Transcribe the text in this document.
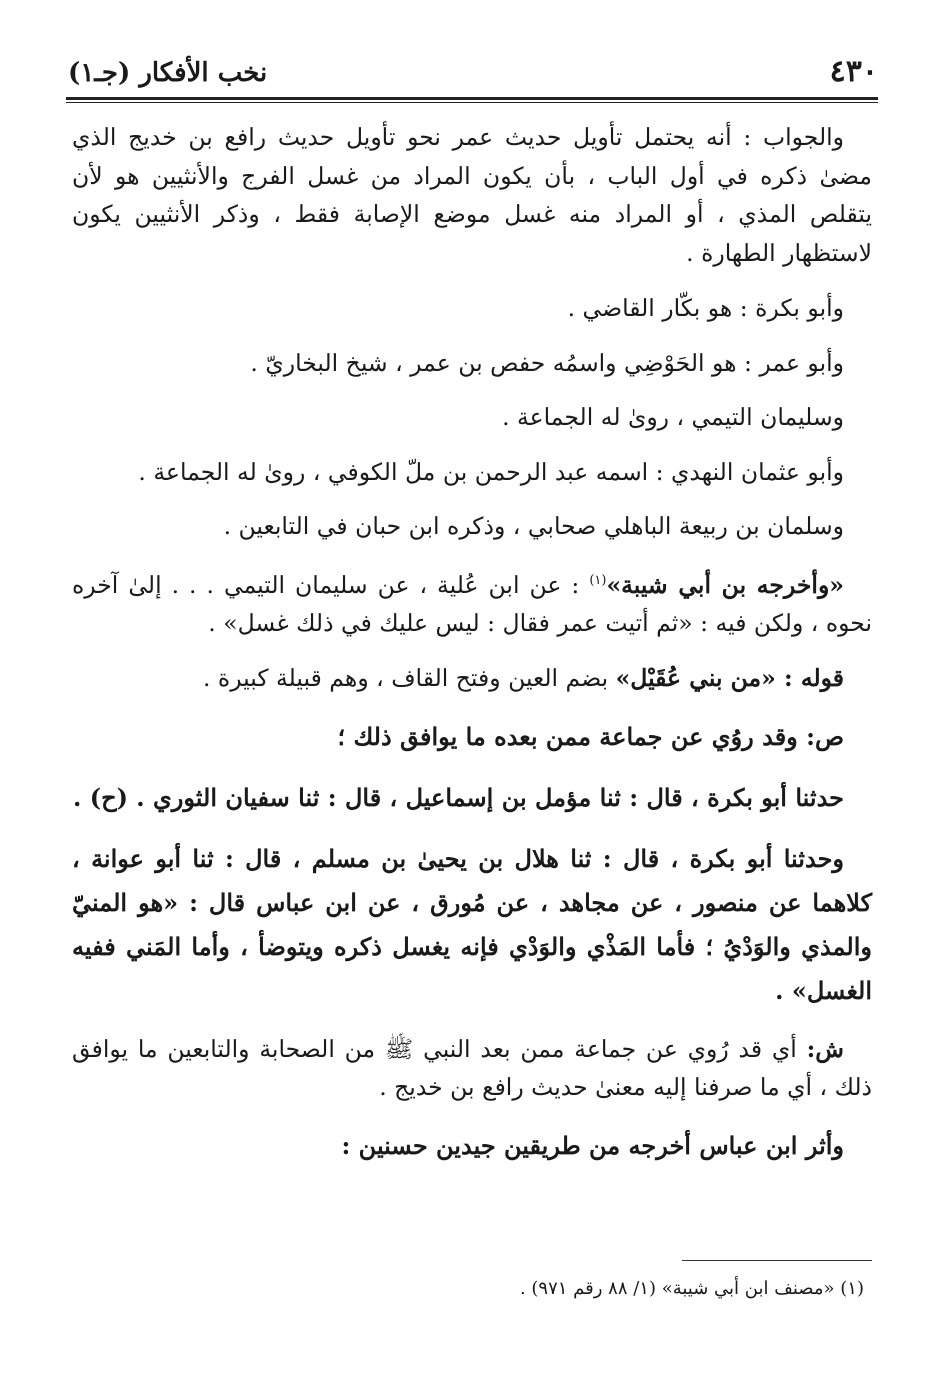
٤٣٠
نخب الأفكار (جـ١)

والجواب : أنه يحتمل تأويل حديث عمر نحو تأويل حديث رافع بن خديج الذي مضىٰ ذكره في أول الباب ، بأن يكون المراد من غسل الفرج والأنثيين هو لأن يتقلص المذي ، أو المراد منه غسل موضع الإصابة فقط ، وذكر الأنثيين يكون لاستظهار الطهارة .

وأبو بكرة : هو بكّار القاضي .

وأبو عمر : هو الحَوْضِي واسمُه حفص بن عمر ، شيخ البخاريّ .

وسليمان التيمي ، روىٰ له الجماعة .

وأبو عثمان النهدي : اسمه عبد الرحمن بن ملّ الكوفي ، روىٰ له الجماعة .

وسلمان بن ربيعة الباهلي صحابي ، وذكره ابن حبان في التابعين .

«وأخرجه بن أبي شيبة»$^{(١)}$ : عن ابن عُلية ، عن سليمان التيمي . . . إلىٰ آخره نحوه ، ولكن فيه : «ثم أتيت عمر فقال : ليس عليك في ذلك غسل» .

قوله : «من بني عُقَيْل» بضم العين وفتح القاف ، وهم قبيلة كبيرة .

ص: وقد روُي عن جماعة ممن بعده ما يوافق ذلك ؛

حدثنا أبو بكرة ، قال : ثنا مؤمل بن إسماعيل ، قال : ثنا سفيان الثوري . (ح) .

وحدثنا أبو بكرة ، قال : ثنا هلال بن يحيىٰ بن مسلم ، قال : ثنا أبو عوانة ، كلاهما عن منصور ، عن مجاهد ، عن مُورق ، عن ابن عباس قال : «هو المنيّ والمذي والوَدْيُ ؛ فأما المَذْي والوَدْي فإنه يغسل ذكره ويتوضأ ، وأما المَني ففيه الغسل» .

ش: أي قد رُوي عن جماعة ممن بعد النبي ﷺ من الصحابة والتابعين ما يوافق ذلك ، أي ما صرفنا إليه معنىٰ حديث رافع بن خديج .

وأثر ابن عباس أخرجه من طريقين جيدين حسنين :

(١) «مصنف ابن أبي شيبة» (١/ ٨٨ رقم ٩٧١) .
